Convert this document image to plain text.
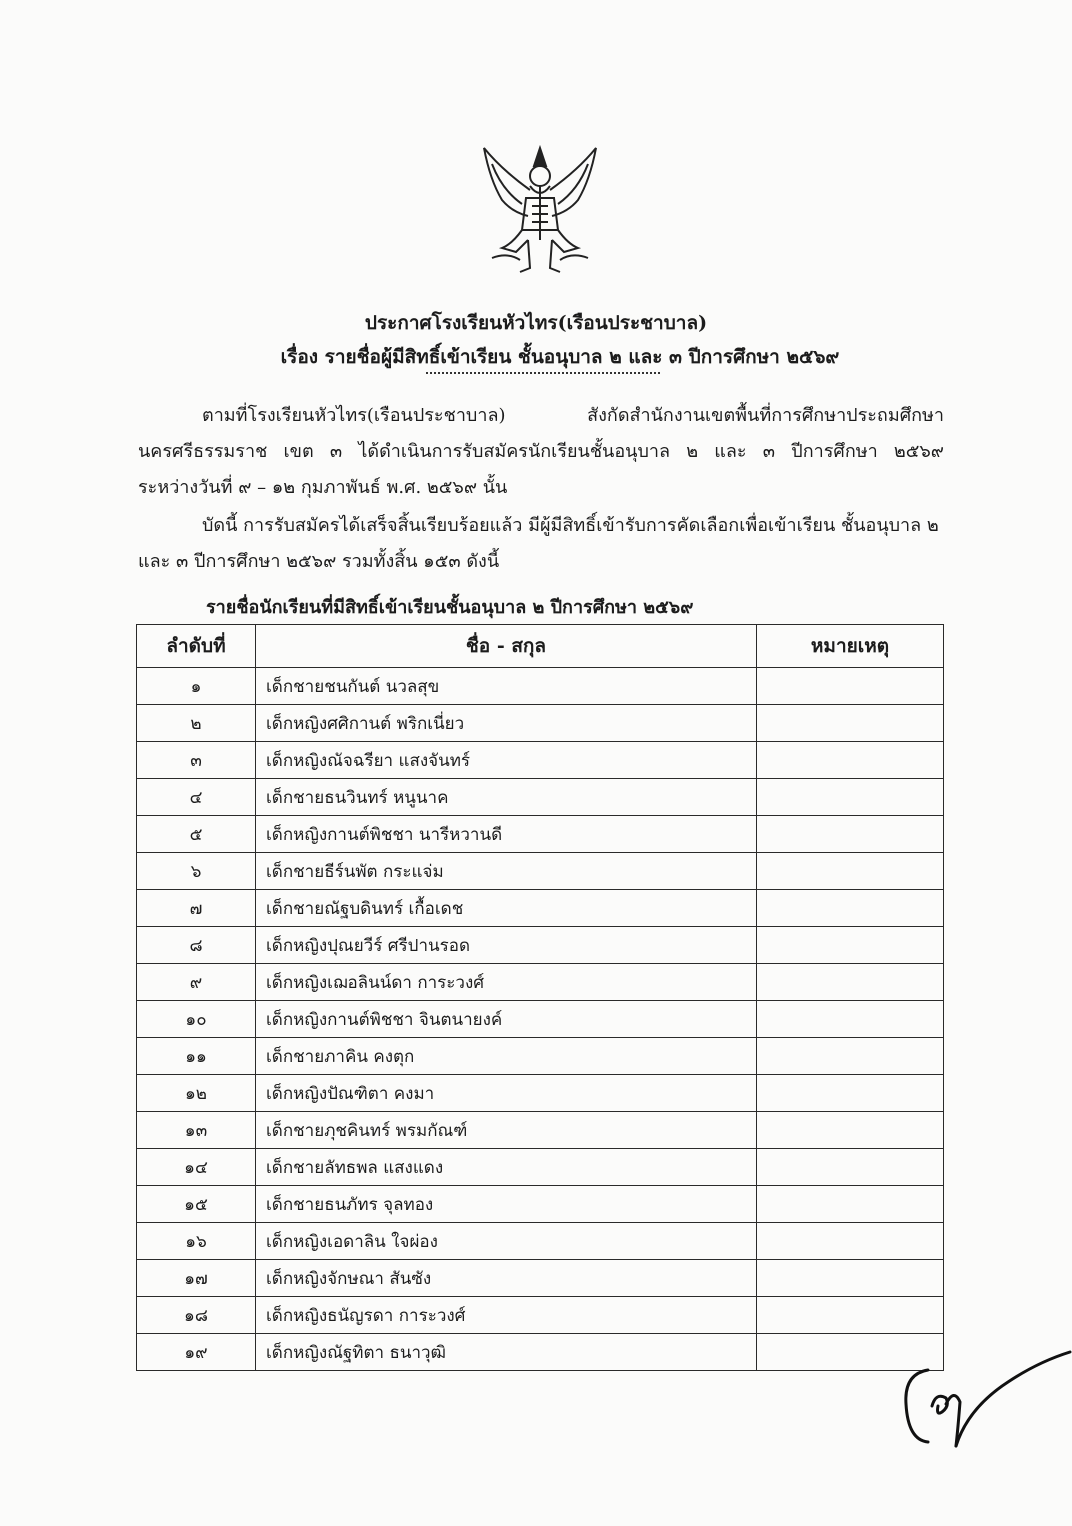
ประกาศโรงเรียนหัวไทร(เรือนประชาบาล)
เรื่อง รายชื่อผู้มีสิทธิ์เข้าเรียน ชั้นอนุบาล ๒ และ ๓ ปีการศึกษา ๒๕๖๙
ตามที่โรงเรียนหัวไทร(เรือนประชาบาล) สังกัดสำนักงานเขตพื้นที่การศึกษาประถมศึกษา นครศรีธรรมราช เขต ๓ ได้ดำเนินการรับสมัครนักเรียนชั้นอนุบาล ๒ และ ๓ ปีการศึกษา ๒๕๖๙
ระหว่างวันที่ ๙ – ๑๒ กุมภาพันธ์ พ.ศ. ๒๕๖๙ นั้น
บัดนี้ การรับสมัครได้เสร็จสิ้นเรียบร้อยแล้ว มีผู้มีสิทธิ์เข้ารับการคัดเลือกเพื่อเข้าเรียน ชั้นอนุบาล ๒ และ ๓ ปีการศึกษา ๒๕๖๙ รวมทั้งสิ้น ๑๕๓ ดังนี้
รายชื่อนักเรียนที่มีสิทธิ์เข้าเรียนชั้นอนุบาล ๒ ปีการศึกษา ๒๕๖๙
ลำดับที่	ชื่อ - สกุล	หมายเหตุ
๑	เด็กชายชนกันต์ นวลสุข	
๒	เด็กหญิงศศิกานต์ พริกเนี่ยว	
๓	เด็กหญิงณัจฉรียา แสงจันทร์	
๔	เด็กชายธนวินทร์ หนูนาค	
๕	เด็กหญิงกานต์พิชชา นารีหวานดี	
๖	เด็กชายธีร์นพัต กระแจ่ม	
๗	เด็กชายณัฐบดินทร์ เกื้อเดช	
๘	เด็กหญิงปุณยวีร์ ศรีปานรอด	
๙	เด็กหญิงเฌอลินน์ดา การะวงศ์	
๑๐	เด็กหญิงกานต์พิชชา จินตนายงค์	
๑๑	เด็กชายภาคิน คงตุก	
๑๒	เด็กหญิงปัณฑิตา คงมา	
๑๓	เด็กชายภุชคินทร์ พรมกัณฑ์	
๑๔	เด็กชายลัทธพล แสงแดง	
๑๕	เด็กชายธนภัทร จุลทอง	
๑๖	เด็กหญิงเอดาลิน ใจผ่อง	
๑๗	เด็กหญิงจักษณา สันซัง	
๑๘	เด็กหญิงธนัญรดา การะวงศ์	
๑๙	เด็กหญิงณัฐทิตา ธนาวุฒิ	
